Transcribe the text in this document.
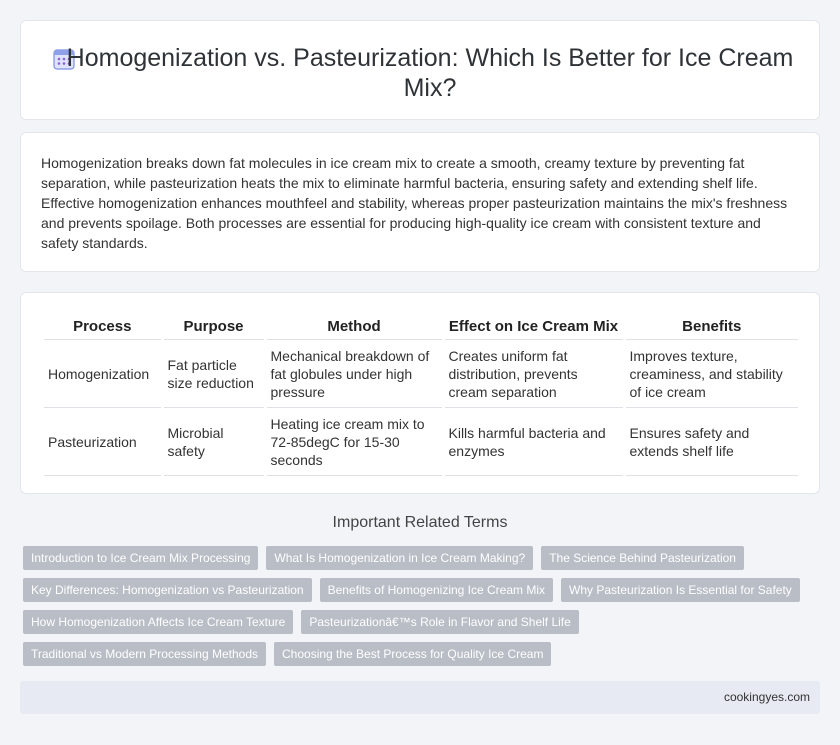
Homogenization vs. Pasteurization: Which Is Better for Ice Cream Mix?

Homogenization breaks down fat molecules in ice cream mix to create a smooth, creamy texture by preventing fat separation, while pasteurization heats the mix to eliminate harmful bacteria, ensuring safety and extending shelf life. Effective homogenization enhances mouthfeel and stability, whereas proper pasteurization maintains the mix's freshness and prevents spoilage. Both processes are essential for producing high-quality ice cream with consistent texture and safety standards.

Process	Purpose	Method	Effect on Ice Cream Mix	Benefits
Homogenization	Fat particle size reduction	Mechanical breakdown of fat globules under high pressure	Creates uniform fat distribution, prevents cream separation	Improves texture, creaminess, and stability of ice cream
Pasteurization	Microbial safety	Heating ice cream mix to 72-85degC for 15-30 seconds	Kills harmful bacteria and enzymes	Ensures safety and extends shelf life
Important Related Terms
Introduction to Ice Cream Mix Processing	What Is Homogenization in Ice Cream Making?	The Science Behind Pasteurization
Key Differences: Homogenization vs Pasteurization	Benefits of Homogenizing Ice Cream Mix	Why Pasteurization Is Essential for Safety
How Homogenization Affects Ice Cream Texture	Pasteurizationâ€™s Role in Flavor and Shelf Life
Traditional vs Modern Processing Methods	Choosing the Best Process for Quality Ice Cream
cookingyes.com
